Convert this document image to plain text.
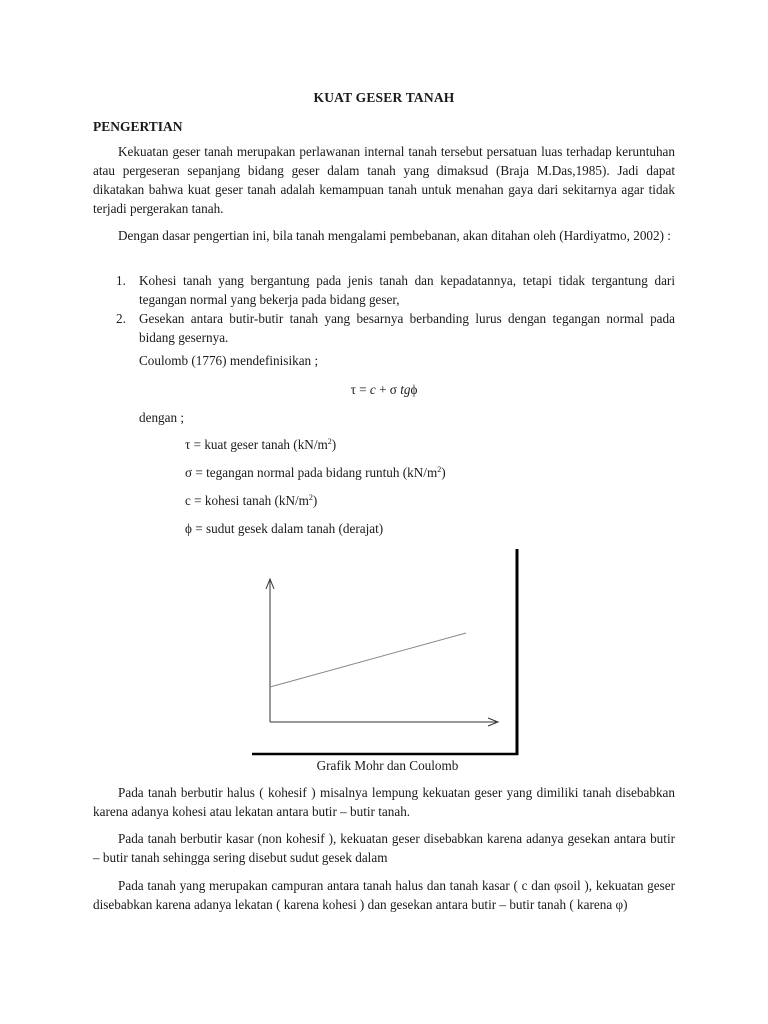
KUAT GESER TANAH
PENGERTIAN

Kekuatan geser tanah merupakan perlawanan internal tanah tersebut persatuan luas terhadap keruntuhan atau pergeseran sepanjang bidang geser dalam tanah yang dimaksud (Braja M.Das,1985). Jadi dapat dikatakan bahwa kuat geser tanah adalah kemampuan tanah untuk menahan gaya dari sekitarnya agar tidak terjadi pergerakan tanah.

Dengan dasar pengertian ini, bila tanah mengalami pembebanan, akan ditahan oleh (Hardiyatmo, 2002) :

1. Kohesi tanah yang bergantung pada jenis tanah dan kepadatannya, tetapi tidak tergantung dari tegangan normal yang bekerja pada bidang geser,
2. Gesekan antara butir-butir tanah yang besarnya berbanding lurus dengan tegangan normal pada bidang gesernya.
Coulomb (1776) mendefinisikan ;
τ = c + σ tgϕ
dengan ;
τ = kuat geser tanah $(kN/m^2)$
σ = tegangan normal pada bidang runtuh $(kN/m^2)$
c = kohesi tanah $(kN/m^2)$
ϕ = sudut gesek dalam tanah (derajat)
Grafik Mohr dan Coulomb

Pada tanah berbutir halus ( kohesif ) misalnya lempung kekuatan geser yang dimiliki tanah disebabkan karena adanya kohesi atau lekatan antara butir – butir tanah.

Pada tanah berbutir kasar (non kohesif ), kekuatan geser disebabkan karena adanya gesekan antara butir – butir tanah sehingga sering disebut sudut gesek dalam

Pada tanah yang merupakan campuran antara tanah halus dan tanah kasar ( c dan φsoil ), kekuatan geser disebabkan karena adanya lekatan ( karena kohesi ) dan gesekan antara butir – butir tanah ( karena φ)
